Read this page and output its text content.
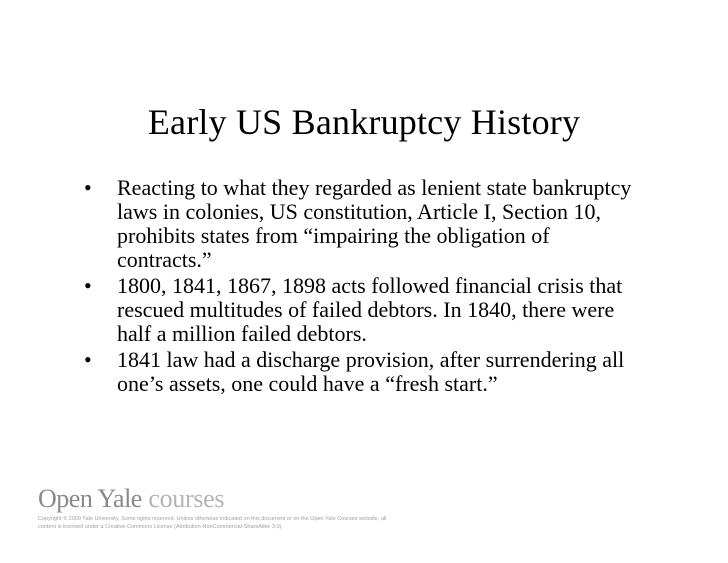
Early US Bankruptcy History
• Reacting to what they regarded as lenient state bankruptcy laws in colonies, US constitution, Article I, Section 10, prohibits states from “impairing the obligation of contracts.”
• 1800, 1841, 1867, 1898 acts followed financial crisis that rescued multitudes of failed debtors. In 1840, there were half a million failed debtors.
• 1841 law had a discharge provision, after surrendering all one’s assets, one could have a “fresh start.”
Open Yale courses
Copyright © 2009 Yale University. Some rights reserved. Unless otherwise indicated on this document or on the Open Yale Courses website, all content is licensed under a Creative Commons License (Attribution-NonCommercial-ShareAlike 3.0).
